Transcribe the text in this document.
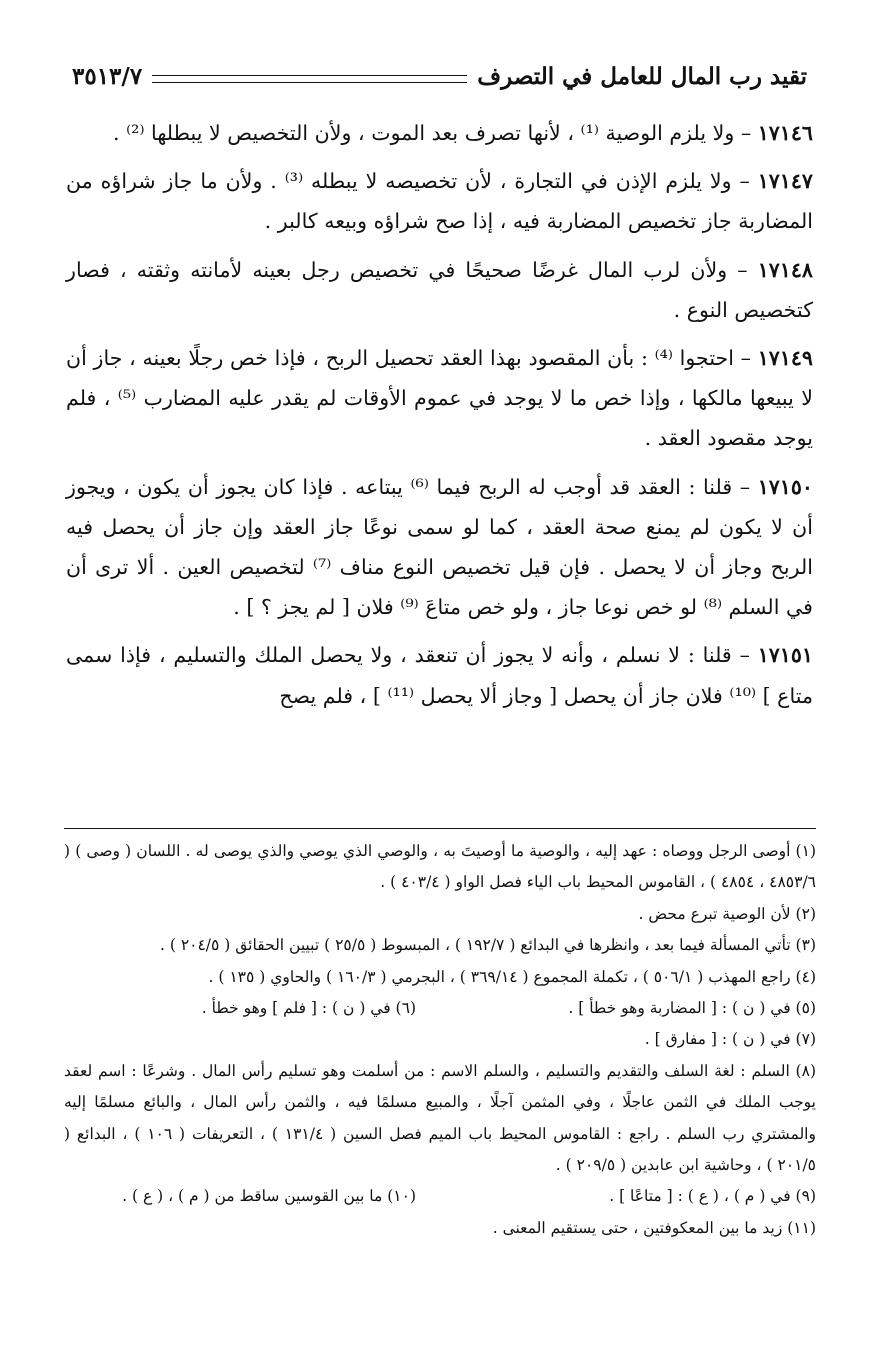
تقيد رب المال للعامل في التصرف
٣٥١٣/٧

١٧١٤٦ – ولا يلزم الوصية ⁽¹⁾ ، لأنها تصرف بعد الموت ، ولأن التخصيص لا يبطلها ⁽²⁾ .

١٧١٤٧ – ولا يلزم الإذن في التجارة ، لأن تخصيصه لا يبطله ⁽³⁾ . ولأن ما جاز شراؤه من المضاربة جاز تخصيص المضاربة فيه ، إذا صح شراؤه وبيعه كالبر .

١٧١٤٨ – ولأن لرب المال غرضًا صحيحًا في تخصيص رجل بعينه لأمانته وثقته ، فصار كتخصيص النوع .

١٧١٤٩ – احتجوا ⁽⁴⁾ : بأن المقصود بهذا العقد تحصيل الربح ، فإذا خص رجلًا بعينه ، جاز أن لا يبيعها مالكها ، وإذا خص ما لا يوجد في عموم الأوقات لم يقدر عليه المضارب ⁽⁵⁾ ، فلم يوجد مقصود العقد .

١٧١٥٠ – قلنا : العقد قد أوجب له الربح فيما ⁽⁶⁾ يبتاعه . فإذا كان يجوز أن يكون ، ويجوز أن لا يكون لم يمنع صحة العقد ، كما لو سمى نوعًا جاز العقد وإن جاز أن يحصل فيه الربح وجاز أن لا يحصل . فإن قيل تخصيص النوع مناف ⁽⁷⁾ لتخصيص العين . ألا ترى أن في السلم ⁽⁸⁾ لو خص نوعا جاز ، ولو خص متاعَ ⁽⁹⁾ فلان [ لم يجز ؟ ] .

١٧١٥١ – قلنا : لا نسلم ، وأنه لا يجوز أن تنعقد ، ولا يحصل الملك والتسليم ، فإذا سمى متاع ] ⁽¹⁰⁾ فلان جاز أن يحصل [ وجاز ألا يحصل ⁽¹¹⁾ ] ، فلم يصح

(١) أوصى الرجل ووصاه : عهد إليه ، والوصية ما أوصيتَ به ، والوصي الذي يوصي والذي يوصى له . اللسان ( وصى ) ( ٤٨٥٣/٦ ، ٤٨٥٤ ) ، القاموس المحيط باب الياء فصل الواو ( ٤٠٣/٤ ) .

(٢) لأن الوصية تبرع محض .

(٣) تأتي المسألة فيما بعد ، وانظرها في البدائع ( ١٩٢/٧ ) ، المبسوط ( ٢٥/٥ ) تبيين الحقائق ( ٢٠٤/٥ ) .

(٤) راجع المهذب ( ٥٠٦/١ ) ، تكملة المجموع ( ٣٦٩/١٤ ) ، البجرمي ( ١٦٠/٣ ) والحاوي ( ١٣٥ ) .

(٥) في ( ن ) : [ المضاربة وهو خطأ ] .
(٦) في ( ن ) : [ فلم ] وهو خطأ .

(٧) في ( ن ) : [ مفارق ] .

(٨) السلم : لغة السلف والتقديم والتسليم ، والسلم الاسم : من أسلمت وهو تسليم رأس المال . وشرعًا : اسم لعقد يوجب الملك في الثمن عاجلًا ، وفي المثمن آجلًا ، والمبيع مسلمًا فيه ، والثمن رأس المال ، والبائع مسلمًا إليه والمشتري رب السلم . راجع : القاموس المحيط باب الميم فصل السين ( ١٣١/٤ ) ، التعريفات ( ١٠٦ ) ، البدائع ( ٢٠١/٥ ) ، وحاشية ابن عابدين ( ٢٠٩/٥ ) .

(٩) في ( م ) ، ( ع ) : [ متاعًا ] .
(١٠) ما بين القوسين ساقط من ( م ) ، ( ع ) .

(١١) زيد ما بين المعكوفتين ، حتى يستقيم المعنى .
